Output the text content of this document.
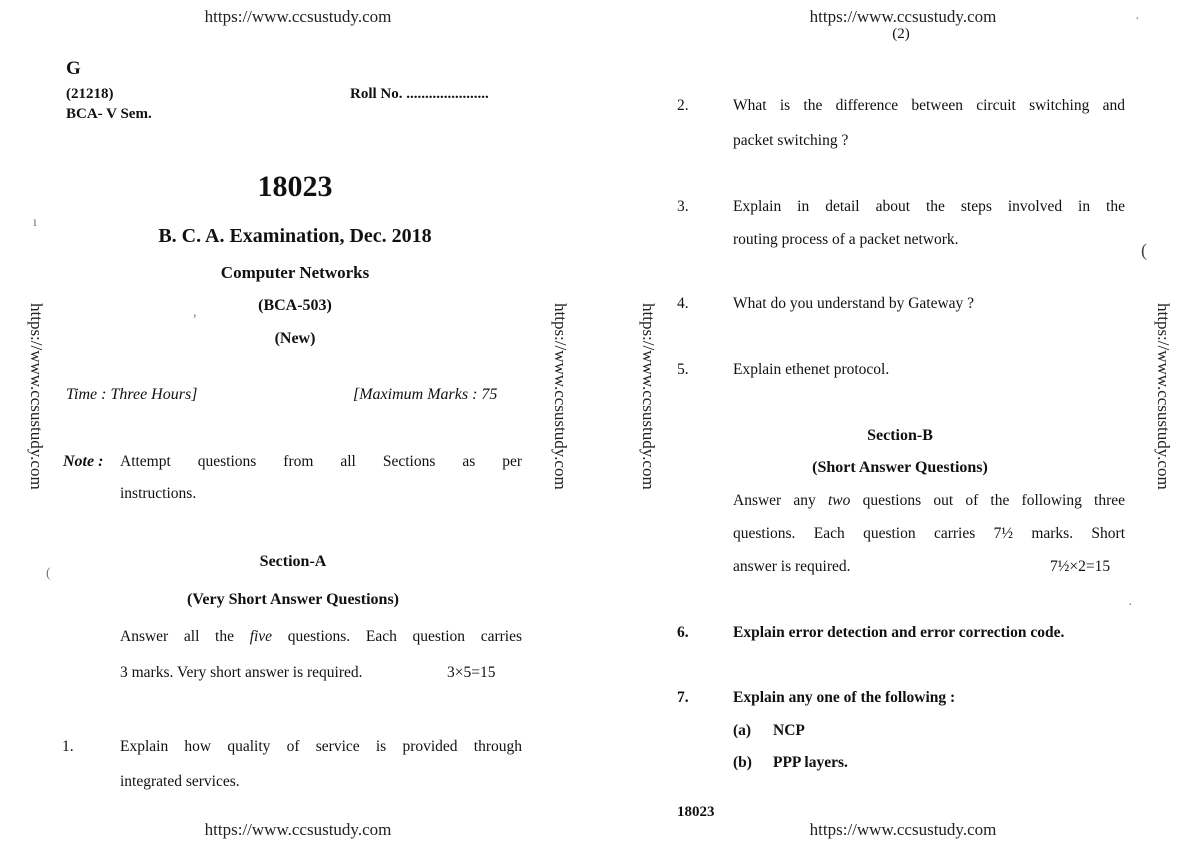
https://www.ccsustudy.com
G
(21218)	Roll No. ......................
BCA- V Sem.
18023
B. C. A. Examination, Dec. 2018
Computer Networks
(BCA-503)
(New)
Time : Three Hours]	[Maximum Marks : 75
Note : Attempt questions from all Sections as per
instructions.
Section-A
(Very Short Answer Questions)
Answer all the five questions. Each question carries
3 marks. Very short answer is required.	3×5=15
1.	Explain how quality of service is provided through
integrated services.
https://www.ccsustudy.com
https://www.ccsustudy.com	https://www.ccsustudy.com
ı
,
(
https://www.ccsustudy.com
(2)
2.	What is the difference between circuit switching and
packet switching ?
3.	Explain in detail about the steps involved in the
routing process of a packet network.
4.	What do you understand by Gateway ?
5.	Explain ethenet protocol.
Section-B
(Short Answer Questions)
Answer any two questions out of the following three
questions. Each question carries 7½ marks. Short
answer is required.	7½×2=15
6.	Explain error detection and error correction code.
7.	Explain any one of the following :
(a) NCP
(b) PPP layers.
18023
https://www.ccsustudy.com
https://www.ccsustudy.com	https://www.ccsustudy.com
·
(
·
